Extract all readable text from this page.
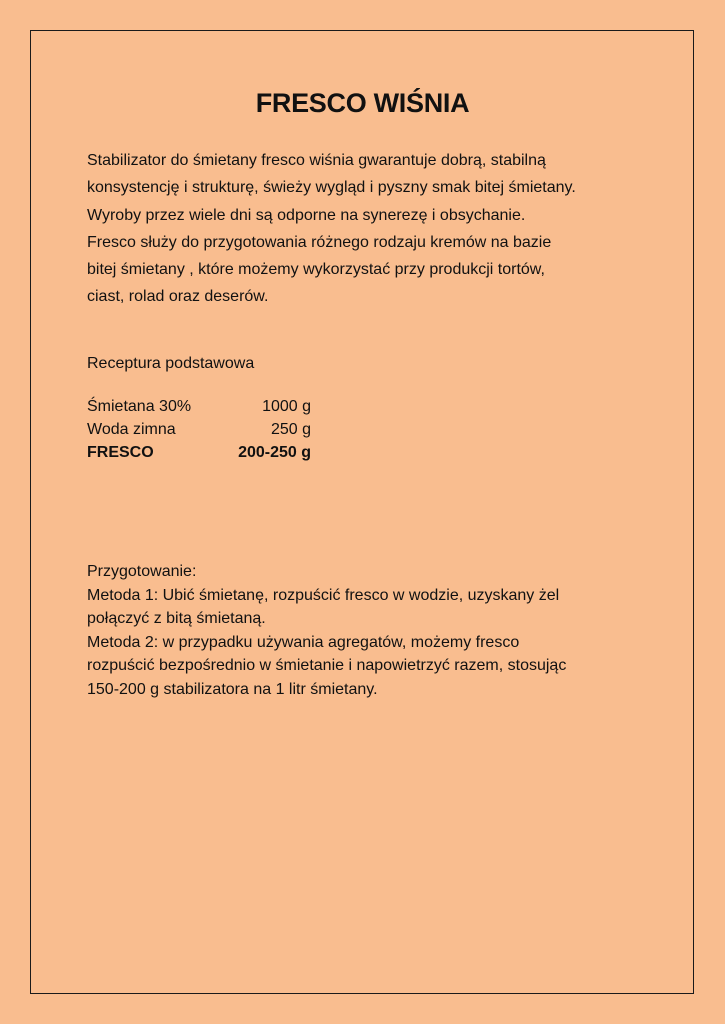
FRESCO WIŚNIA

Stabilizator do śmietany fresco wiśnia gwarantuje dobrą, stabilną
konsystencję i strukturę, świeży wygląd i pyszny smak bitej śmietany.
Wyroby przez wiele dni są odporne na synerezę i obsychanie.
Fresco służy do przygotowania różnego rodzaju kremów na bazie
bitej śmietany , które możemy wykorzystać przy produkcji tortów,
ciast, rolad oraz deserów.

Receptura podstawowa

Śmietana 30%	1000 g
Woda zimna	250 g
FRESCO	200-250 g

Przygotowanie:
Metoda 1: Ubić śmietanę, rozpuścić fresco w wodzie, uzyskany żel
połączyć z bitą śmietaną.
Metoda 2: w przypadku używania agregatów, możemy fresco
rozpuścić bezpośrednio w śmietanie i napowietrzyć razem, stosując
150-200 g stabilizatora na 1 litr śmietany.
